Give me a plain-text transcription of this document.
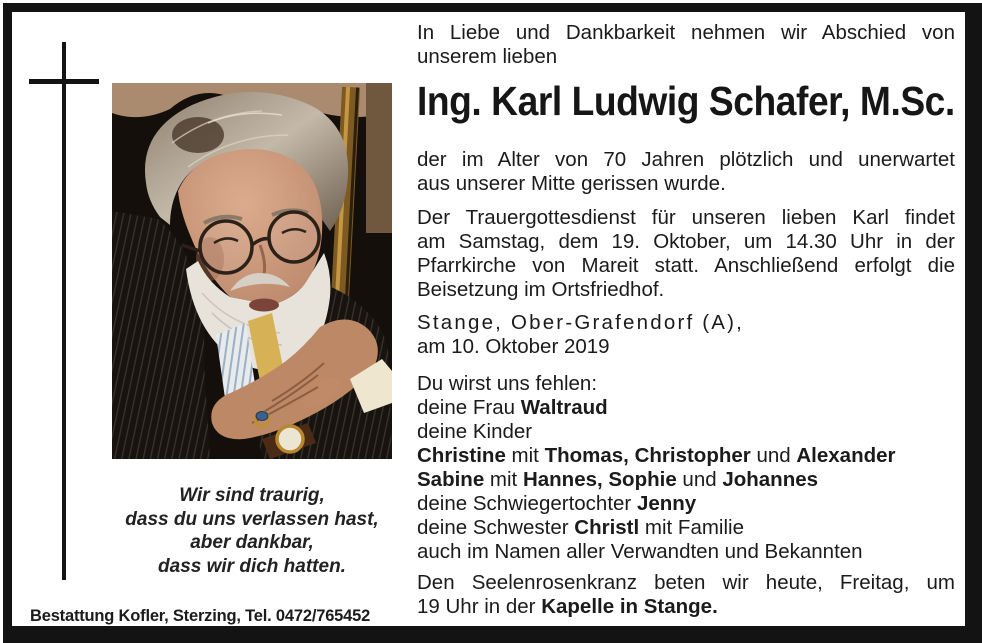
Wir sind traurig,
dass du uns verlassen hast,
aber dankbar,
dass wir dich hatten.
Bestattung Kofler, Sterzing, Tel. 0472/765452
In Liebe und Dankbarkeit nehmen wir Abschied von
unserem lieben
Ing. Karl Ludwig Schafer, M.Sc.
der im Alter von 70 Jahren plötzlich und unerwartet
aus unserer Mitte gerissen wurde.
Der Trauergottesdienst für unseren lieben Karl findet
am Samstag, dem 19. Oktober, um 14.30 Uhr in der
Pfarrkirche von Mareit statt. Anschließend erfolgt die
Beisetzung im Ortsfriedhof.
Stange, Ober-Grafendorf (A),
am 10. Oktober 2019
Du wirst uns fehlen:
deine Frau Waltraud
deine Kinder
Christine mit Thomas, Christopher und Alexander
Sabine mit Hannes, Sophie und Johannes
deine Schwiegertochter Jenny
deine Schwester Christl mit Familie
auch im Namen aller Verwandten und Bekannten
Den Seelenrosenkranz beten wir heute, Freitag, um
19 Uhr in der Kapelle in Stange.
